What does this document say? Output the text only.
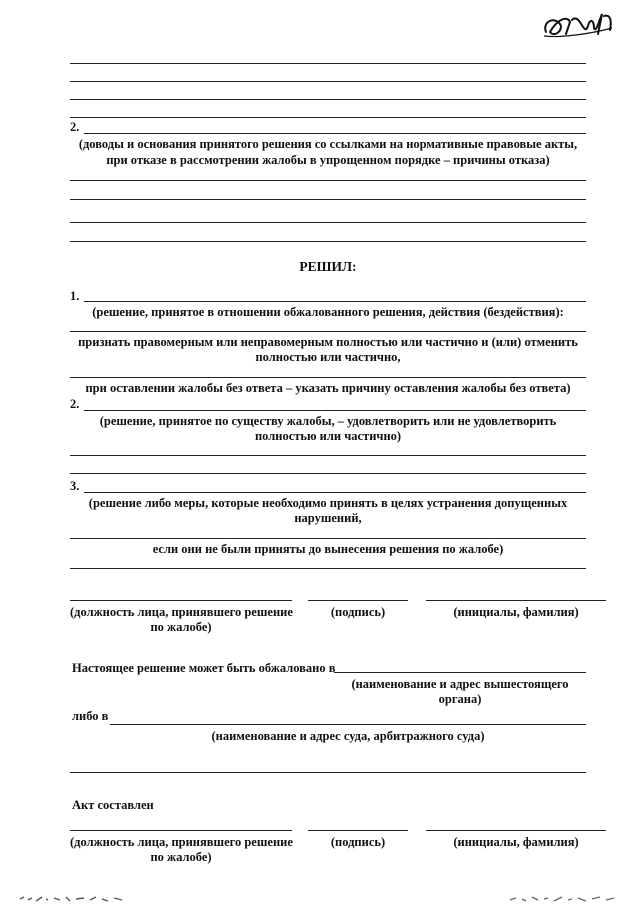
2.
(доводы и основания принятого решения со ссылками на нормативные правовые акты,
при отказе в рассмотрении жалобы в упрощенном порядке – причины отказа)
РЕШИЛ:
1.
(решение, принятое в отношении обжалованного решения, действия (бездействия):
признать правомерным или неправомерным полностью или частично и (или) отменить
полностью или частично,
при оставлении жалобы без ответа – указать причину оставления жалобы без ответа)
2.
(решение, принятое по существу жалобы, – удовлетворить или не удовлетворить
полностью или частично)
3.
(решение либо меры, которые необходимо принять в целях устранения допущенных
нарушений,
если они не были приняты до вынесения решения по жалобе)
(должность лица, принявшего решение
по жалобе)
(подпись)	(инициалы, фамилия)
Настоящее решение может быть обжаловано в
(наименование и адрес вышестоящего
органа)
либо в
(наименование и адрес суда, арбитражного суда)
Акт составлен
(должность лица, принявшего решение
по жалобе)
(подпись)	(инициалы, фамилия)
